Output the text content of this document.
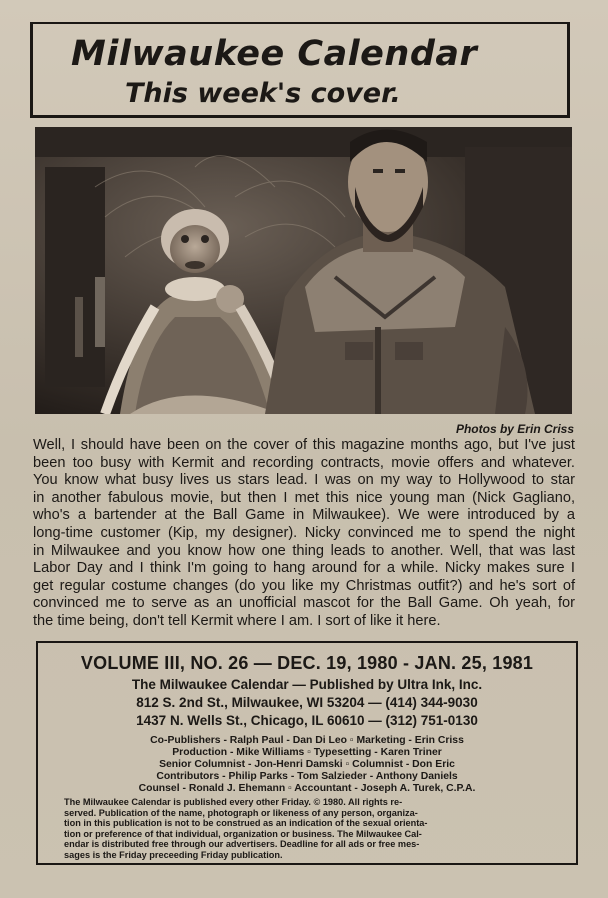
Milwaukee Calendar
This week's cover.
Photos by Erin Criss
Well, I should have been on the cover of this magazine months ago, but I've just
been too busy with Kermit and recording contracts, movie offers and whatever.
You know what busy lives us stars lead. I was on my way to Hollywood to star
in another fabulous movie, but then I met this nice young man (Nick Gagliano,
who's a bartender at the Ball Game in Milwaukee). We were introduced by a
long-time customer (Kip, my designer). Nicky convinced me to spend the night
in Milwaukee and you know how one thing leads to another. Well, that was last
Labor Day and I think I'm going to hang around for a while. Nicky makes sure I
get regular costume changes (do you like my Christmas outfit?) and he's sort of
convinced me to serve as an unofficial mascot for the Ball Game. Oh yeah, for
the time being, don't tell Kermit where I am. I sort of like it here.
VOLUME III, NO. 26 — DEC. 19, 1980 - JAN. 25, 1981
The Milwaukee Calendar — Published by Ultra Ink, Inc.
812 S. 2nd St., Milwaukee, WI 53204 — (414) 344-9030
1437 N. Wells St., Chicago, IL 60610 — (312) 751-0130
Co-Publishers - Ralph Paul - Dan Di Leo ▫ Marketing - Erin Criss
Production - Mike Williams ▫ Typesetting - Karen Triner
Senior Columnist - Jon-Henri Damski ▫ Columnist - Don Eric
Contributors - Philip Parks - Tom Salzieder - Anthony Daniels
Counsel - Ronald J. Ehemann ▫ Accountant - Joseph A. Turek, C.P.A.
The Milwaukee Calendar is published every other Friday. © 1980. All rights re-
served. Publication of the name, photograph or likeness of any person, organiza-
tion in this publication is not to be construed as an indication of the sexual orienta-
tion or preference of that individual, organization or business. The Milwaukee Cal-
endar is distributed free through our advertisers. Deadline for all ads or free mes-
sages is the Friday preceeding Friday publication.
